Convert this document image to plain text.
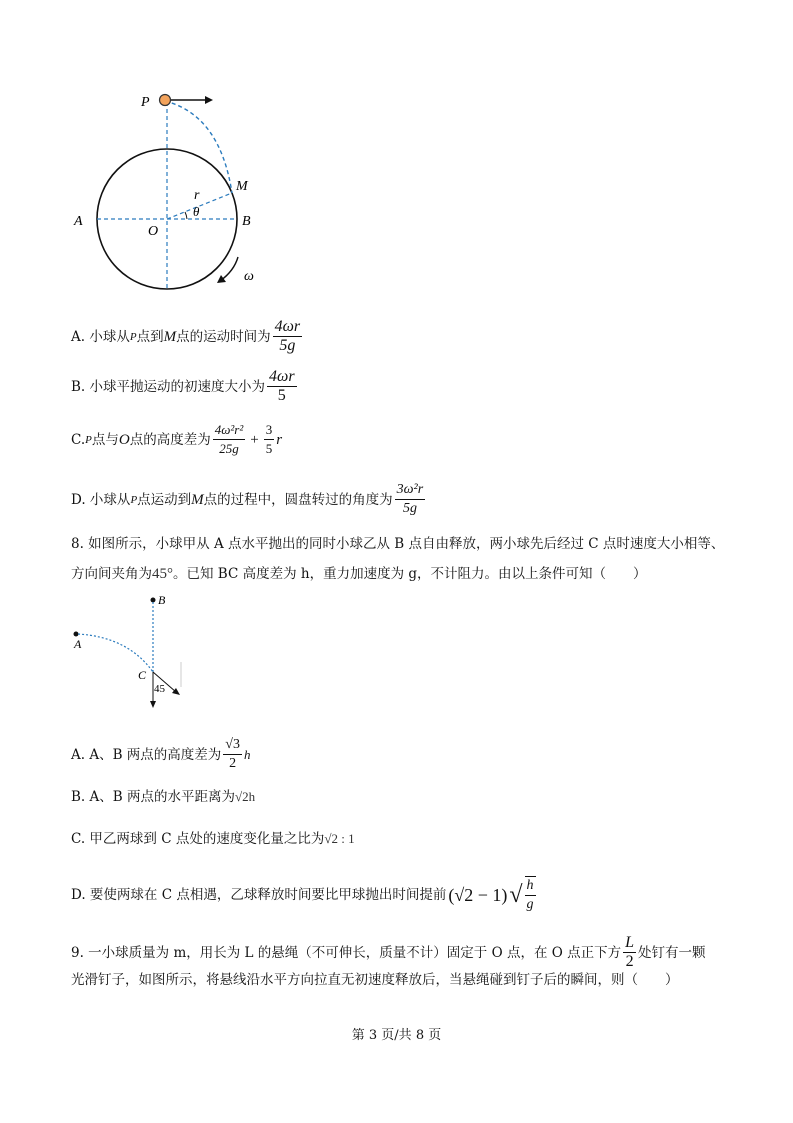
P
M
A	B
O
r
θ
ω
A. 小球从 P 点到 M 点的运动时间为 $\frac{4\omega r}{5g}$
B. 小球平抛运动的初速度大小为 $\frac{4\omega r}{5}$
C. P 点与 O 点的高度差为 $\frac{\text{4ω²r²}}{25g} + \frac{3}{5}$ r
D. 小球从 P 点运动到 M 点的过程中，圆盘转过的角度为 $\frac{\text{3ω²r}}{5g}$
8. 如图所示，小球甲从 A 点水平抛出的同时小球乙从 B 点自由释放，两小球先后经过 C 点时速度大小相等、
方向间夹角为 45° 。已知 BC 高度差为 h，重力加速度为 g，不计阻力。由以上条件可知（　　）
B
A
C
45
A. A、B 两点的高度差为 $\frac{√3}{2}$ h
B. A、B 两点的水平距离为 √2h
C. 甲乙两球到 C 点处的速度变化量之比为 √2 : 1
D. 要使两球在 C 点相遇，乙球释放时间要比甲球抛出时间提前 (√2 − 1) √ $\frac{h}{g}$
9. 一小球质量为 m，用长为 L 的悬绳（不可伸长，质量不计）固定于 O 点，在 O 点正下方 $\frac{L}{2}$ 处钉有一颗
光滑钉子，如图所示，将悬线沿水平方向拉直无初速度释放后，当悬绳碰到钉子后的瞬间，则（　　）
第 3 页/共 8 页
